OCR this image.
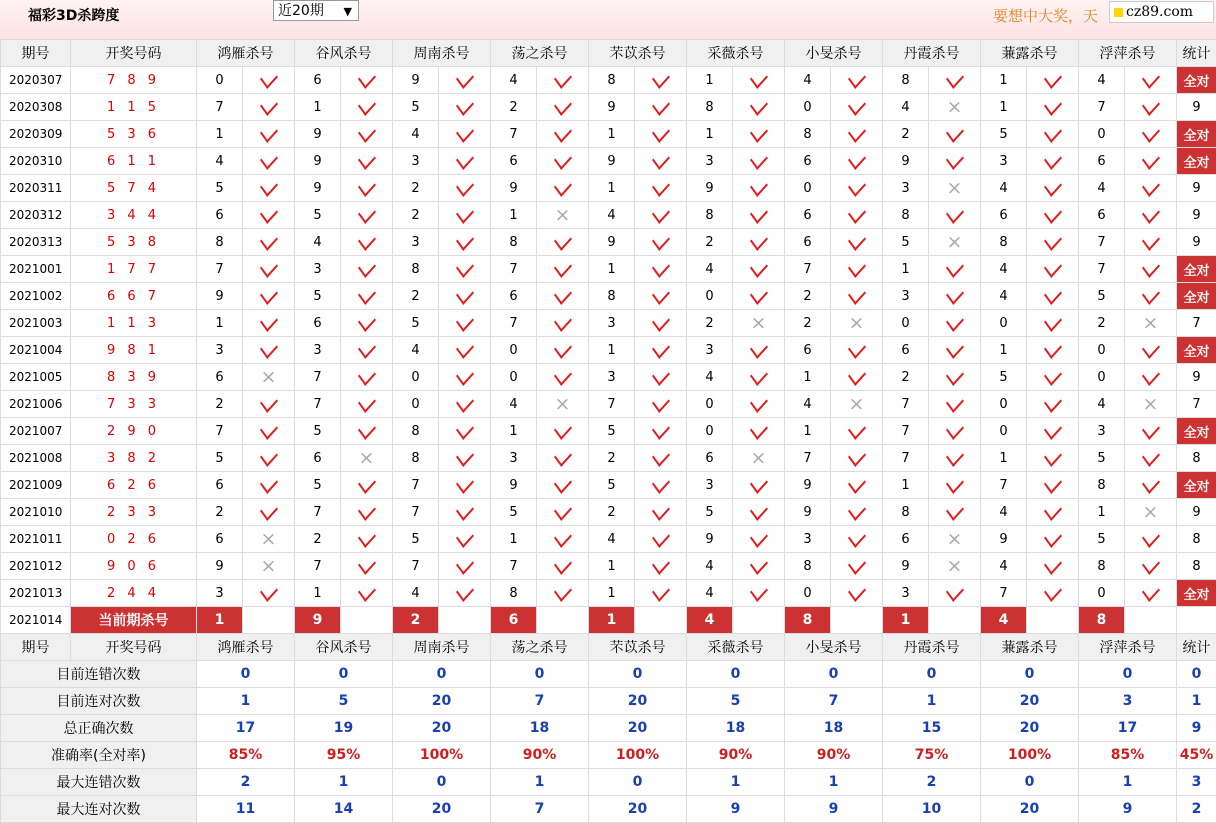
福彩3D杀跨度	近20期 ▼	要想中大奖，天	cz89.com
期号	开奖号码	鸿雁杀号		谷风杀号		周南杀号		荡之杀号		芣苡杀号		采薇杀号		小旻杀号		丹霞杀号		蒹露杀号		浮萍杀号		统计
2020307	7 8 9	0		6		9		4		8		1		4		8		1		4		全对
2020308	1 1 5	7		1		5		2		9		8		0		4	×	1		7		9
2020309	5 3 6	1		9		4		7		1		1		8		2		5		0		全对
2020310	6 1 1	4		9		3		6		9		3		6		9		3		6		全对
2020311	5 7 4	5		9		2		9		1		9		0		3	×	4		4		9
2020312	3 4 4	6		5		2		1	×	4		8		6		8		6		6		9
2020313	5 3 8	8		4		3		8		9		2		6		5	×	8		7		9
2021001	1 7 7	7		3		8		7		1		4		7		1		4		7		全对
2021002	6 6 7	9		5		2		6		8		0		2		3		4		5		全对
2021003	1 1 3	1		6		5		7		3		2	×	2	×	0		0		2	×	7
2021004	9 8 1	3		3		4		0		1		3		6		6		1		0		全对
2021005	8 3 9	6	×	7		0		0		3		4		1		2		5		0		9
2021006	7 3 3	2		7		0		4	×	7		0		4	×	7		0		4	×	7
2021007	2 9 0	7		5		8		1		5		0		1		7		0		3		全对
2021008	3 8 2	5		6	×	8		3		2		6	×	7		7		1		5		8
2021009	6 2 6	6		5		7		9		5		3		9		1		7		8		全对
2021010	2 3 3	2		7		7		5		2		5		9		8		4		1	×	9
2021011	0 2 6	6	×	2		5		1		4		9		3		6	×	9		5		8
2021012	9 0 6	9	×	7		7		7		1		4		8		9	×	4		8		8
2021013	2 4 4	3		1		4		8		1		4		0		3		7		0		全对
2021014	当前期杀号	1		9		2		6		1		4		8		1		4		8		
期号	开奖号码	鸿雁杀号		谷风杀号		周南杀号		荡之杀号		芣苡杀号		采薇杀号		小旻杀号		丹霞杀号		蒹露杀号		浮萍杀号		统计
目前连错次数		0		0		0		0		0		0		0		0		0		0		0
目前连对次数		1		5		20		7		20		5		7		1		20		3		1
总正确次数		17		19		20		18		20		18		18		15		20		17		9
准确率(全对率)		85%		95%		100%		90%		100%		90%		90%		75%		100%		85%		45%
最大连错次数		2		1		0		1		0		1		1		2		0		1		3
最大连对次数		11		14		20		7		20		9		9		10		20		9		2
